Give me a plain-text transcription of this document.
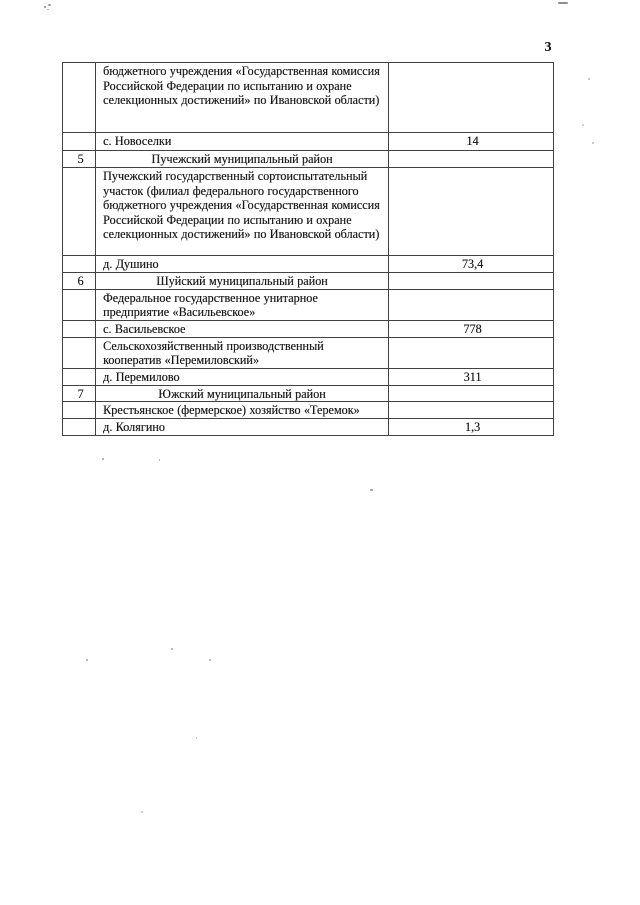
3
	бюджетного учреждения «Государственная комиссия Российской Федерации по испытанию и охране селекционных достижений» по Ивановской области)	
	с. Новоселки	14
5	Пучежский муниципальный район	
	Пучежский государственный сортоиспытательный участок (филиал федерального государственного бюджетного учреждения «Государственная комиссия Российской Федерации по испытанию и охране селекционных достижений» по Ивановской области)	
	д. Душино	73,4
6	Шуйский муниципальный район	
	Федеральное государственное унитарное предприятие «Васильевское»	
	с. Васильевское	778
	Сельскохозяйственный производственный кооператив «Перемиловский»	
	д. Перемилово	311
7	Южский муниципальный район	
	Крестьянское (фермерское) хозяйство «Теремок»	
	д. Колягино	1,3
